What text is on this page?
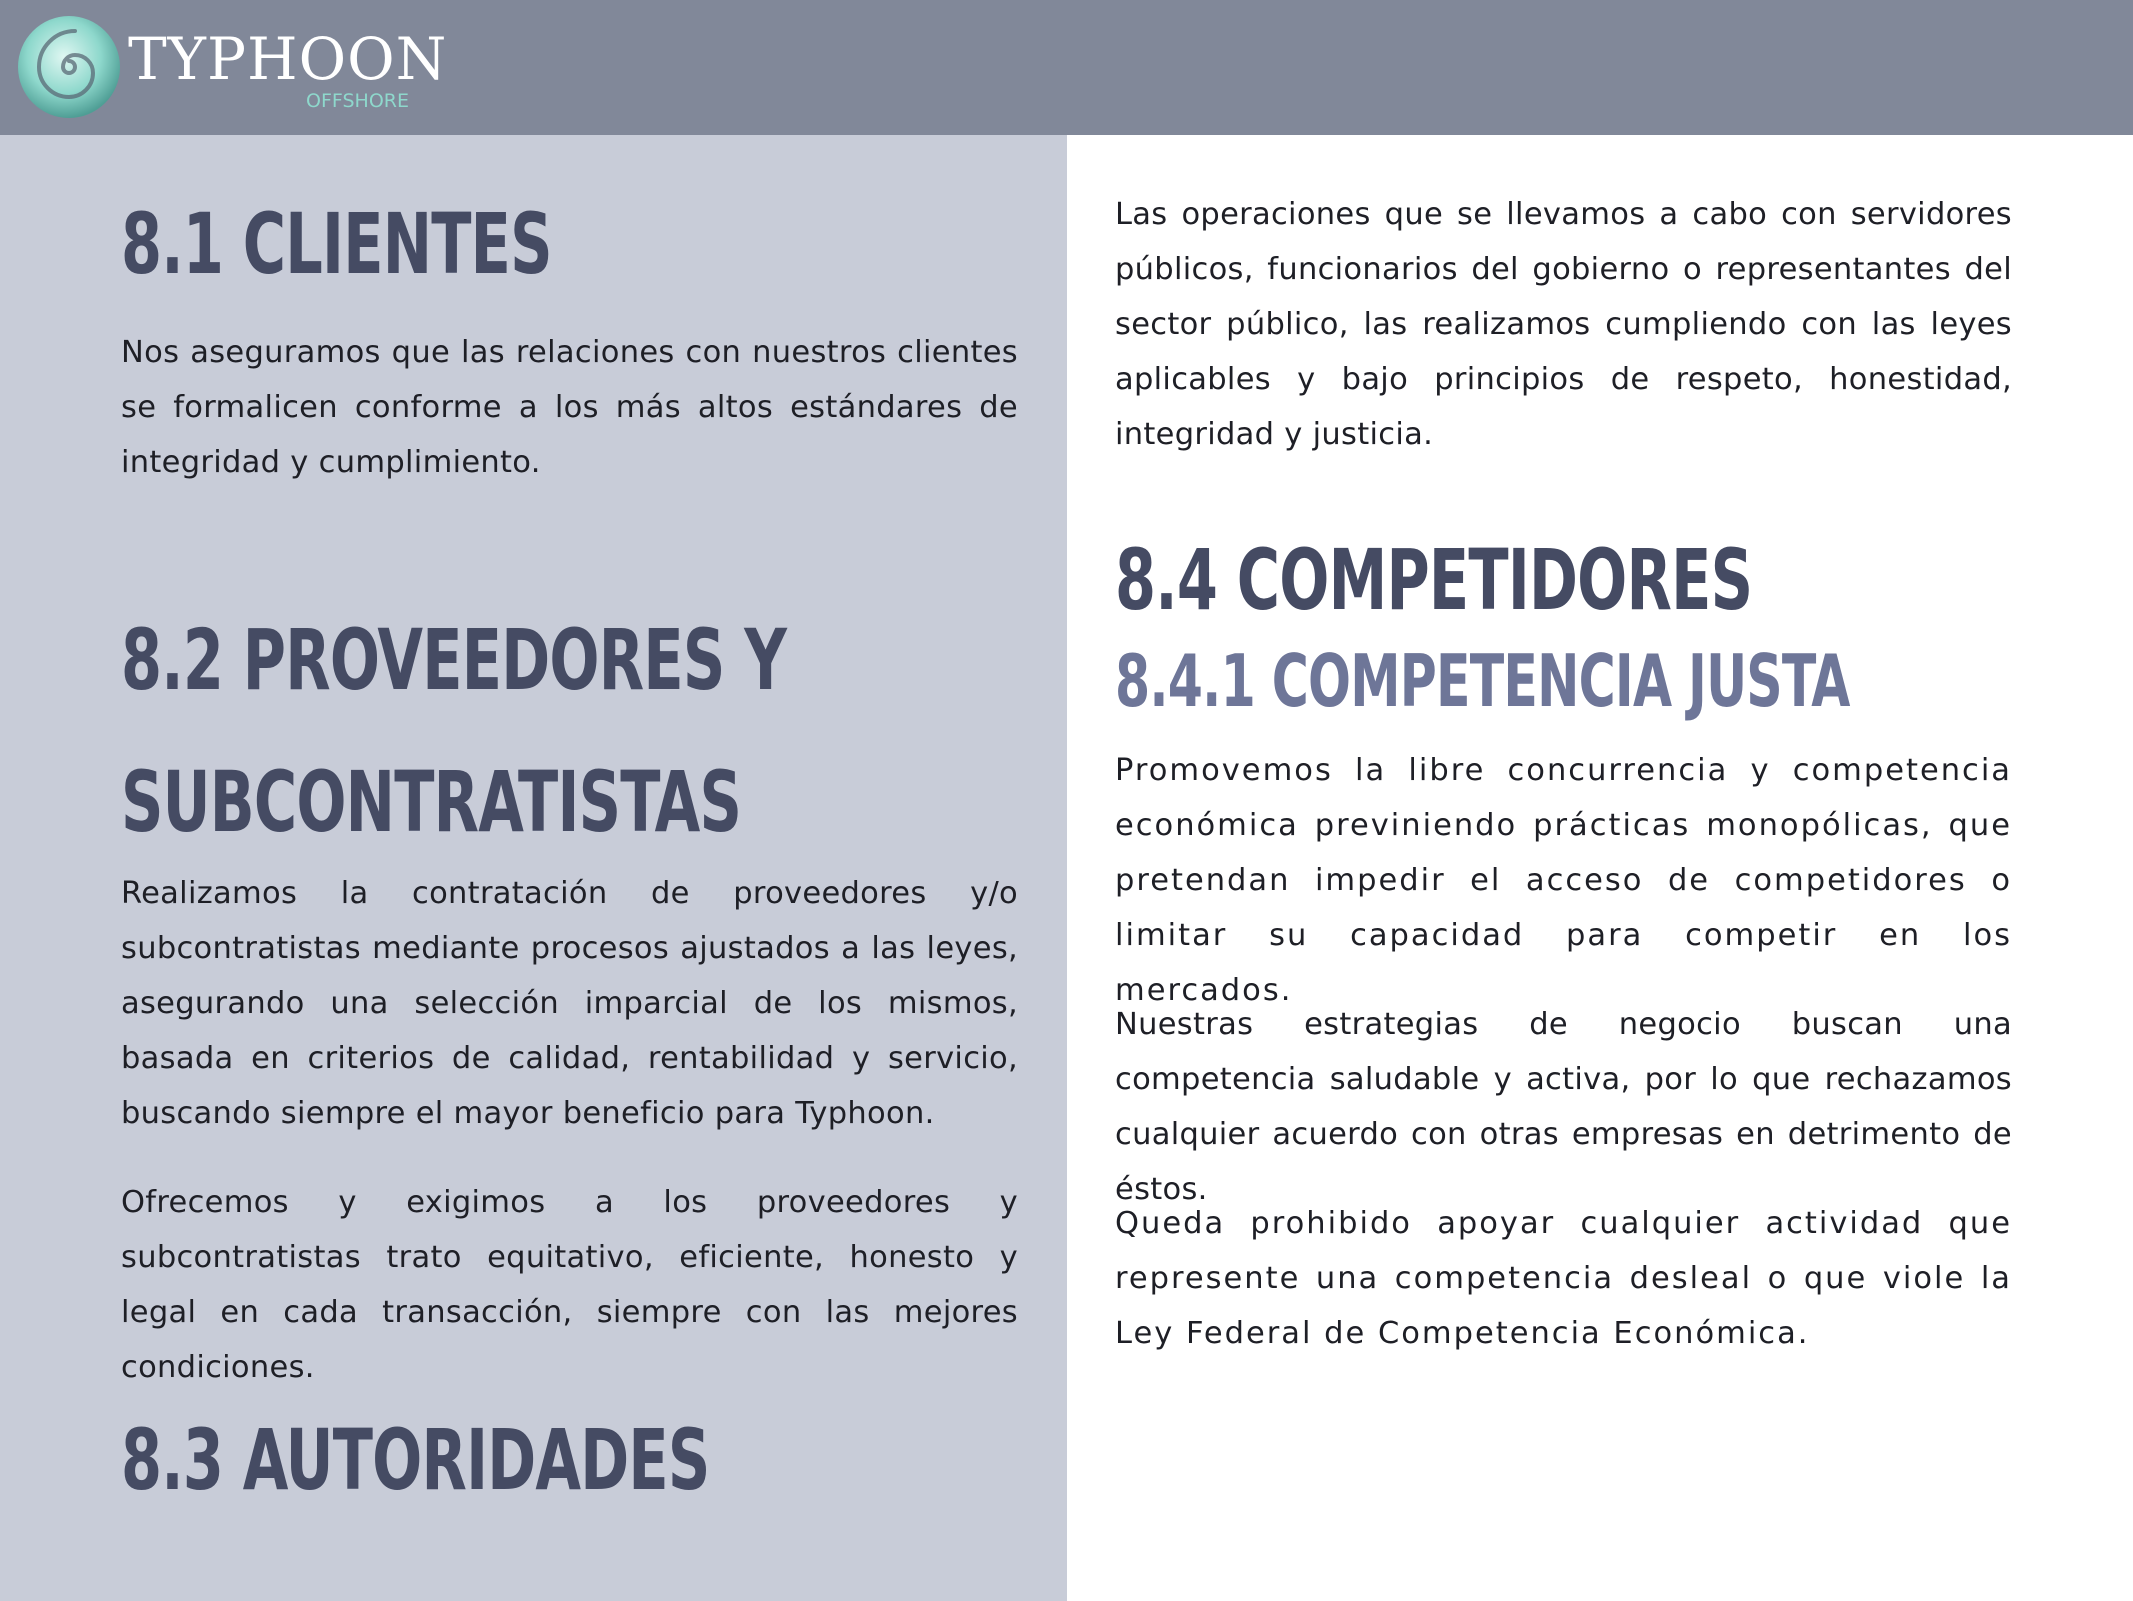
TYPHOON
OFFSHORE
8.1 CLIENTES

Nos aseguramos que las relaciones con nuestros clientes se formalicen conforme a los más altos estándares de integridad y cumplimiento.

8.2 PROVEEDORES Y
SUBCONTRATISTAS

Realizamos la contratación de proveedores y/o subcontratistas mediante procesos ajustados a las leyes, asegurando una selección imparcial de los mismos, basada en criterios de calidad, rentabilidad y servicio, buscando siempre el mayor beneficio para Typhoon.

Ofrecemos y exigimos a los proveedores y subcontratistas trato equitativo, eficiente, honesto y legal en cada transacción, siempre con las mejores condiciones.

8.3 AUTORIDADES

Las operaciones que se llevamos a cabo con servidores públicos, funcionarios del gobierno o representantes del sector público, las realizamos cumpliendo con las leyes aplicables y bajo principios de respeto, honestidad, integridad y justicia.

8.4 COMPETIDORES
8.4.1 COMPETENCIA JUSTA

Promovemos la libre concurrencia y competencia económica previniendo prácticas monopólicas, que pretendan impedir el acceso de competidores o limitar su capacidad para competir en los mercados.

Nuestras estrategias de negocio buscan una competencia saludable y activa, por lo que rechazamos cualquier acuerdo con otras empresas en detrimento de éstos.

Queda prohibido apoyar cualquier actividad que represente una competencia desleal o que viole la Ley Federal de Competencia Económica.
